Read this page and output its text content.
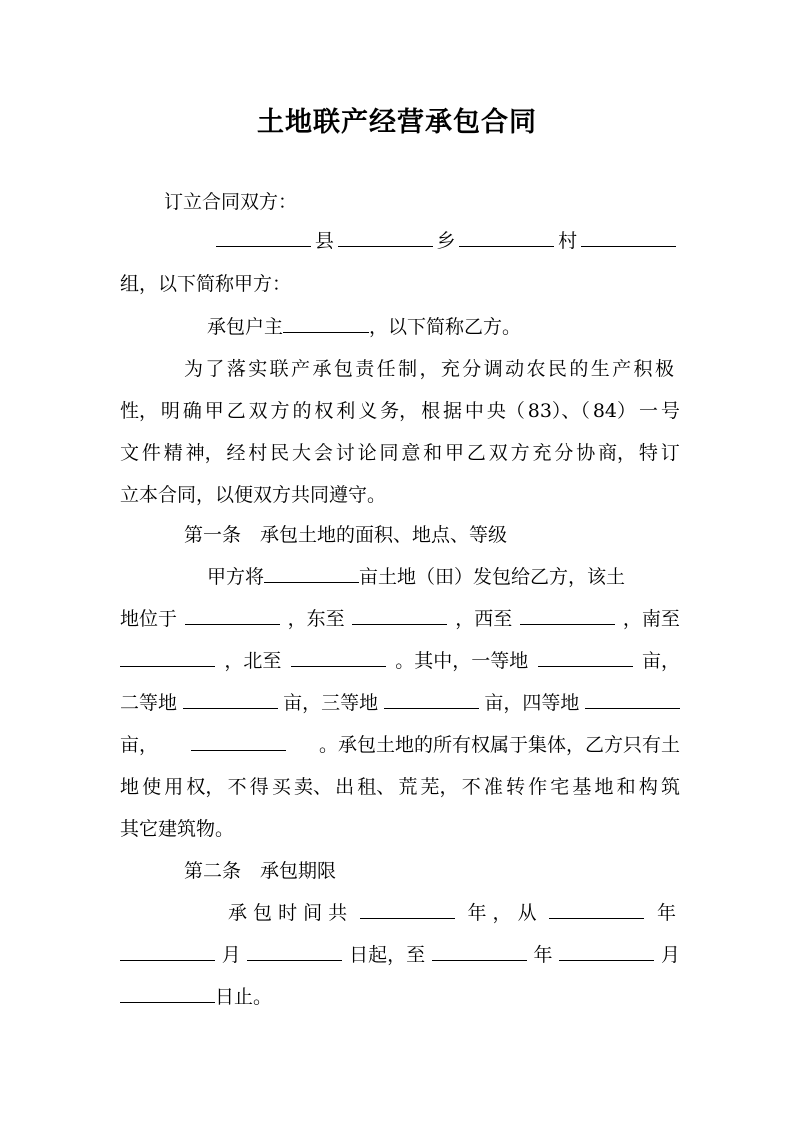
土地联产经营承包合同
订立合同双方：
县	乡	村
组，以下简称甲方：
承包户主	，以下简称乙方。
为 了 落 实 联 产 承 包 责 任 制 ， 充 分 调 动 农 民 的 生 产 积 极
性， 明 确 甲 乙 双 方 的 权 利 义 务， 根 据 中 央（ 83）、（ 84） 一 号
文 件 精 神， 经 村 民 大 会 讨 论 同 意 和 甲 乙 双 方 充 分 协 商， 特 订
立本合同，以便双方共同遵守。
第一条　承包土地的面积、地点、等级
甲方将	亩土地（田）发包给乙方，该土
地位于	，东至	，西至	，南至
，北至	。其中，一等地	亩，
二等地	亩，三等地	亩，四等地
亩，	。承包土地的所有权属于集体，乙方只有土
地 使 用 权， 不 得 买 卖、 出 租、 荒 芜， 不 准 转 作 宅 基 地 和 构 筑
其它建筑物。
第二条　承包期限
承 包 时 间 共	年 ， 从	年
月	日起，至	年	月
日止。
